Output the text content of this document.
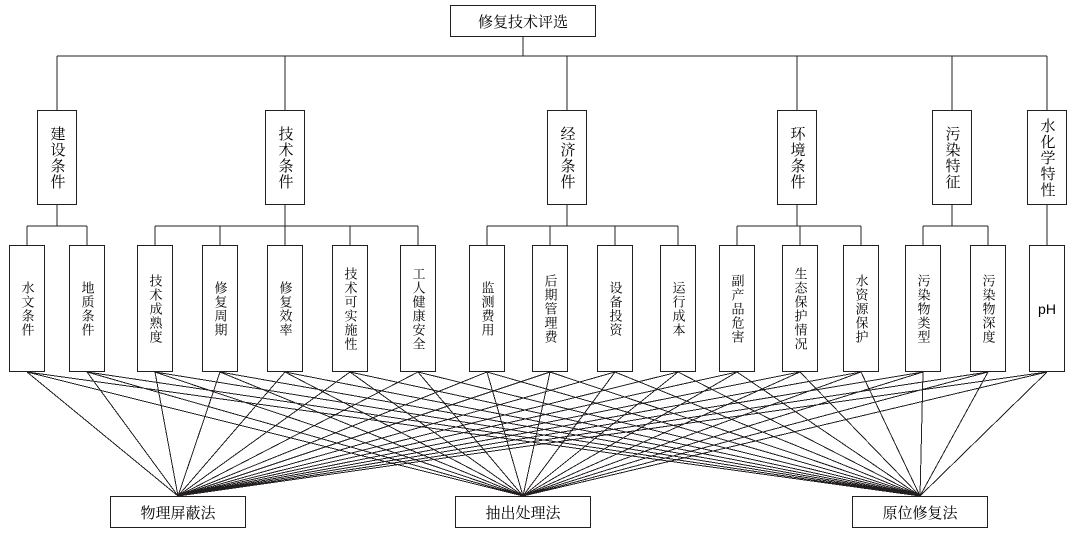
修复技术评选
建设条件	技术条件	经济条件	环境条件	污染特征	水化学特性
水文条件	地质条件	技术成熟度	修复周期	修复效率	技术可实施性	工人健康安全	监测费用	后期管理费	设备投资	运行成本	副产品危害	生态保护情况	水资源保护	污染物类型	污染物深度	pH
物理屏蔽法	抽出处理法	原位修复法
